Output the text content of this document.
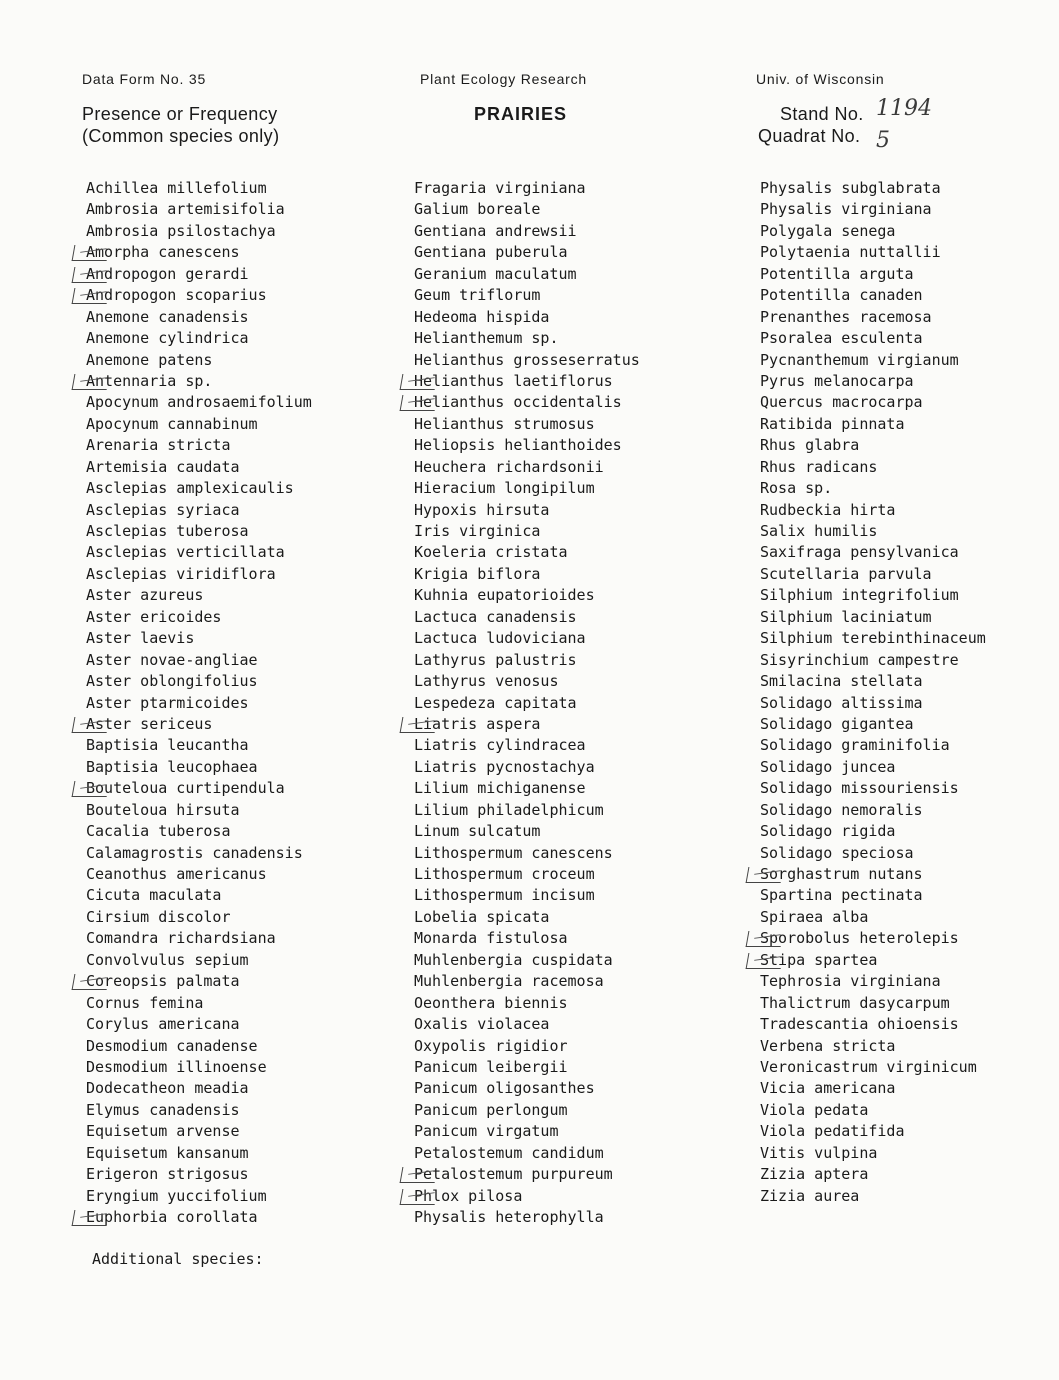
Data Form No. 35	Plant Ecology Research	Univ. of Wisconsin
Presence or Frequency
(Common species only)
PRAIRIES	Stand No. 1194
Quadrat No. 5
Achillea millefolium
Ambrosia artemisifolia
Ambrosia psilostachya
Amorpha canescens
Andropogon gerardi
Andropogon scoparius
Anemone canadensis
Anemone cylindrica
Anemone patens
Antennaria sp.
Apocynum androsaemifolium
Apocynum cannabinum
Arenaria stricta
Artemisia caudata
Asclepias amplexicaulis
Asclepias syriaca
Asclepias tuberosa
Asclepias verticillata
Asclepias viridiflora
Aster azureus
Aster ericoides
Aster laevis
Aster novae-angliae
Aster oblongifolius
Aster ptarmicoides
Aster sericeus
Baptisia leucantha
Baptisia leucophaea
Bouteloua curtipendula
Bouteloua hirsuta
Cacalia tuberosa
Calamagrostis canadensis
Ceanothus americanus
Cicuta maculata
Cirsium discolor
Comandra richardsiana
Convolvulus sepium
Coreopsis palmata
Cornus femina
Corylus americana
Desmodium canadense
Desmodium illinoense
Dodecatheon meadia
Elymus canadensis
Equisetum arvense
Equisetum kansanum
Erigeron strigosus
Eryngium yuccifolium
Euphorbia corollata
Fragaria virginiana
Galium boreale
Gentiana andrewsii
Gentiana puberula
Geranium maculatum
Geum triflorum
Hedeoma hispida
Helianthemum sp.
Helianthus grosseserratus
Helianthus laetiflorus
Helianthus occidentalis
Helianthus strumosus
Heliopsis helianthoides
Heuchera richardsonii
Hieracium longipilum
Hypoxis hirsuta
Iris virginica
Koeleria cristata
Krigia biflora
Kuhnia eupatorioides
Lactuca canadensis
Lactuca ludoviciana
Lathyrus palustris
Lathyrus venosus
Lespedeza capitata
Liatris aspera
Liatris cylindracea
Liatris pycnostachya
Lilium michiganense
Lilium philadelphicum
Linum sulcatum
Lithospermum canescens
Lithospermum croceum
Lithospermum incisum
Lobelia spicata
Monarda fistulosa
Muhlenbergia cuspidata
Muhlenbergia racemosa
Oeonthera biennis
Oxalis violacea
Oxypolis rigidior
Panicum leibergii
Panicum oligosanthes
Panicum perlongum
Panicum virgatum
Petalostemum candidum
Petalostemum purpureum
Phlox pilosa
Physalis heterophylla
Physalis subglabrata
Physalis virginiana
Polygala senega
Polytaenia nuttallii
Potentilla arguta
Potentilla canaden
Prenanthes racemosa
Psoralea esculenta
Pycnanthemum virgianum
Pyrus melanocarpa
Quercus macrocarpa
Ratibida pinnata
Rhus glabra
Rhus radicans
Rosa sp.
Rudbeckia hirta
Salix humilis
Saxifraga pensylvanica
Scutellaria parvula
Silphium integrifolium
Silphium laciniatum
Silphium terebinthinaceum
Sisyrinchium campestre
Smilacina stellata
Solidago altissima
Solidago gigantea
Solidago graminifolia
Solidago juncea
Solidago missouriensis
Solidago nemoralis
Solidago rigida
Solidago speciosa
Sorghastrum nutans
Spartina pectinata
Spiraea alba
Sporobolus heterolepis
Stipa spartea
Tephrosia virginiana
Thalictrum dasycarpum
Tradescantia ohioensis
Verbena stricta
Veronicastrum virginicum
Vicia americana
Viola pedata
Viola pedatifida
Vitis vulpina
Zizia aptera
Zizia aurea
Additional species:
